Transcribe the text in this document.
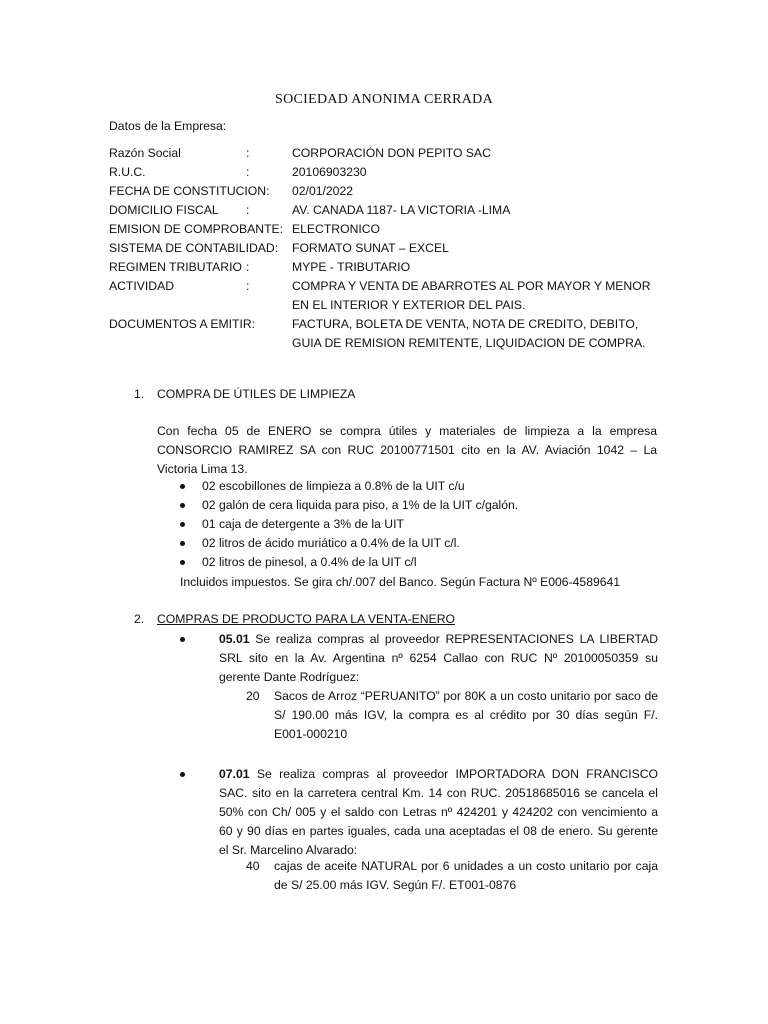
SOCIEDAD ANONIMA CERRADA
Datos de la Empresa:
Razón Social	:	CORPORACIÓN DON PEPITO SAC
R.U.C.	:	20106903230
FECHA DE CONSTITUCION: 02/01/2022
DOMICILIO FISCAL :	AV. CANADA 1187- LA VICTORIA -LIMA
EMISION DE COMPROBANTE: ELECTRONICO
SISTEMA DE CONTABILIDAD: FORMATO SUNAT – EXCEL
REGIMEN TRIBUTARIO :	MYPE - TRIBUTARIO
ACTIVIDAD	:	COMPRA Y VENTA DE ABARROTES AL POR MAYOR Y MENOR
EN EL INTERIOR Y EXTERIOR DEL PAIS.
DOCUMENTOS A EMITIR:	FACTURA, BOLETA DE VENTA, NOTA DE CREDITO, DEBITO,
GUIA DE REMISION REMITENTE, LIQUIDACION DE COMPRA.
1. COMPRA DE ÚTILES DE LIMPIEZA
Con fecha 05 de ENERO se compra útiles y materiales de limpieza a la empresa CONSORCIO RAMIREZ SA con RUC 20100771501 cito en la AV. Aviación 1042 – La Victoria Lima 13.
02 escobillones de limpieza a 0.8% de la UIT c/u
02 galón de cera liquida para piso, a 1% de la UIT c/galón.
01 caja de detergente a 3% de la UIT
02 litros de ácido muriático a 0.4% de la UIT c/l.
02 litros de pinesol, a 0.4% de la UIT c/l
Incluidos impuestos. Se gira ch/.007 del Banco. Según Factura Nº E006-4589641
2. COMPRAS DE PRODUCTO PARA LA VENTA-ENERO
05.01 Se realiza compras al proveedor REPRESENTACIONES LA LIBERTAD SRL sito en la Av. Argentina nº 6254 Callao con RUC Nº 20100050359 su gerente Dante Rodríguez:
20 Sacos de Arroz “PERUANITO” por 80K a un costo unitario por saco de S/ 190.00 más IGV, la compra es al crédito por 30 días según F/. E001-000210
07.01 Se realiza compras al proveedor IMPORTADORA DON FRANCISCO SAC. sito en la carretera central Km. 14 con RUC. 20518685016 se cancela el 50% con Ch/ 005 y el saldo con Letras nº 424201 y 424202 con vencimiento a 60 y 90 días en partes iguales, cada una aceptadas el 08 de enero. Su gerente el Sr. Marcelino Alvarado:
40 cajas de aceite NATURAL por 6 unidades a un costo unitario por caja de S/ 25.00 más IGV. Según F/. ET001-0876
